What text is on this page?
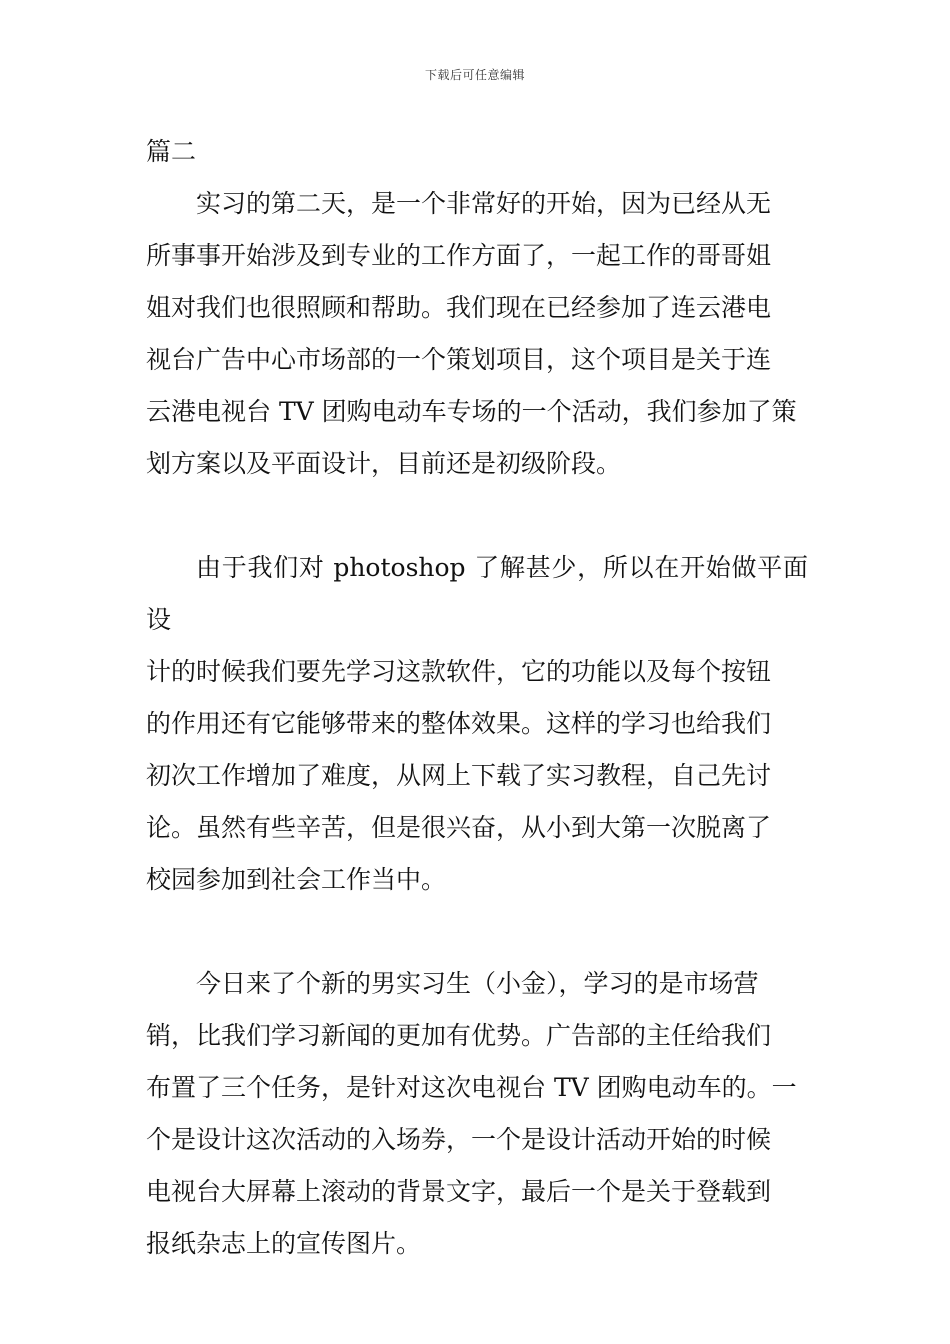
下载后可任意编辑
篇二

实习的第二天，是一个非常好的开始，因为已经从无
所事事开始涉及到专业的工作方面了，一起工作的哥哥姐
姐对我们也很照顾和帮助。我们现在已经参加了连云港电
视台广告中心市场部的一个策划项目，这个项目是关于连
云港电视台 TV 团购电动车专场的一个活动，我们参加了策
划方案以及平面设计，目前还是初级阶段。

由于我们对 photoshop 了解甚少，所以在开始做平面设
计的时候我们要先学习这款软件，它的功能以及每个按钮
的作用还有它能够带来的整体效果。这样的学习也给我们
初次工作增加了难度，从网上下载了实习教程，自己先讨
论。虽然有些辛苦，但是很兴奋，从小到大第一次脱离了
校园参加到社会工作当中。

今日来了个新的男实习生（小金），学习的是市场营
销，比我们学习新闻的更加有优势。广告部的主任给我们
布置了三个任务，是针对这次电视台 TV 团购电动车的。一
个是设计这次活动的入场券，一个是设计活动开始的时候
电视台大屏幕上滚动的背景文字，最后一个是关于登载到
报纸杂志上的宣传图片。
